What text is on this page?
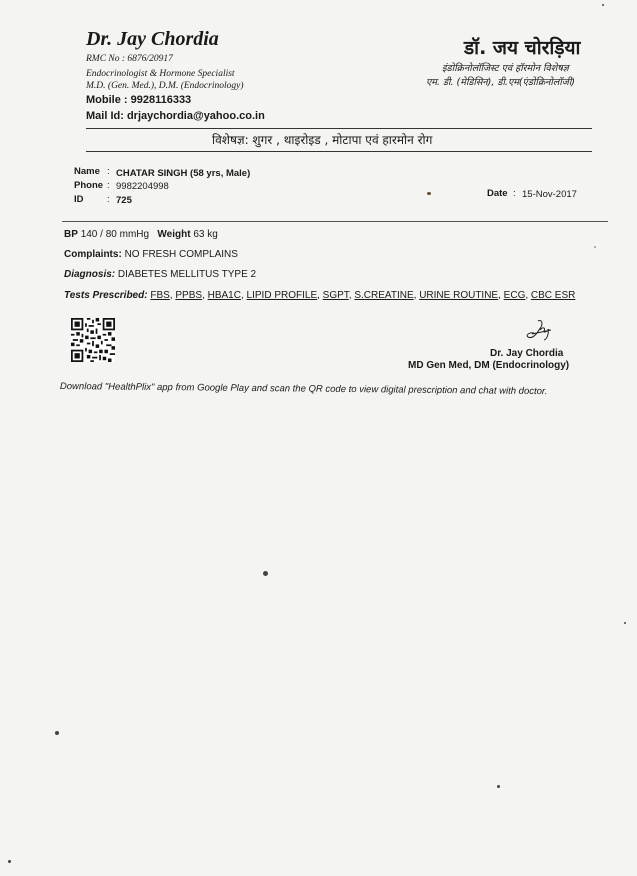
Dr. Jay Chordia
RMC No : 6876/20917
Endocrinologist & Hormone Specialist
M.D. (Gen. Med.), D.M. (Endocrinology)
Mobile : 9928116333
Mail Id: drjaychordia@yahoo.co.in
डॉ. जय चोरड़िया
इंडोक्रिनोलॉजिस्ट एवं हॉरमोन विशेषज्ञ
एम. डी. (मेडिसिन), डी.एम(एंडोक्रिनोलॉजी)
विशेषज्ञ: शुगर , थाइरोइड , मोटापा एवं हारमोन रोग
Name : CHATAR SINGH (58 yrs, Male)
Phone : 9982204998
ID : 725
Date : 15-Nov-2017
BP 140 / 80 mmHg Weight 63 kg
Complaints: NO FRESH COMPLAINS
Diagnosis: DIABETES MELLITUS TYPE 2
Tests Prescribed: FBS, PPBS, HBA1C, LIPID PROFILE, SGPT, S.CREATINE, URINE ROUTINE, ECG, CBC ESR
Dr. Jay Chordia
MD Gen Med, DM (Endocrinology)
Download "HealthPlix" app from Google Play and scan the QR code to view digital prescription and chat with doctor.
